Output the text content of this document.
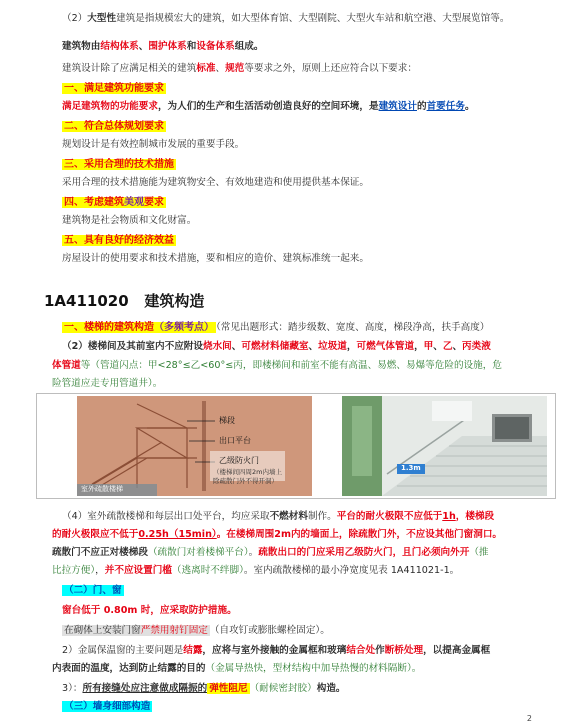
（2）大型性建筑是指规模宏大的建筑，如大型体育馆、大型剧院、大型火车站和航空港、大型展览馆等。
建筑物由结构体系、围护体系和设备体系组成。
建筑设计除了应满足相关的建筑标准、规范等要求之外，原则上还应符合以下要求：
一、满足建筑功能要求
满足建筑物的功能要求，为人们的生产和生活活动创造良好的空间环境，是建筑设计的首要任务。
二、符合总体规划要求
规划设计是有效控制城市发展的重要手段。
三、采用合理的技术措施
采用合理的技术措施能为建筑物安全、有效地建造和使用提供基本保证。
四、考虑建筑美观要求
建筑物是社会物质和文化财富。
五、具有良好的经济效益
房屋设计的使用要求和技术措施，要和相应的造价、建筑标准统一起来。
1A411020 建筑构造
一、楼梯的建筑构造（多频考点） （常见出题形式：踏步级数、宽度、高度，梯段净高，扶手高度）
（2）楼梯间及其前室内不应附设烧水间、可燃材料储藏室、垃圾道，可燃气体管道，甲、乙、丙类液
体管道等（管道闪点：甲<28°≤乙<60°≤丙，即楼梯间和前室不能有高温、易燃、易爆等危险的设施，危
险管道应走专用管道井）。
梯段
出口平台
乙级防火门
（楼梯间四周2m内墙上
除疏散门外不得开洞）
室外疏散楼梯
1.3m
（4）室外疏散楼梯和每层出口处平台，均应采取不燃材料制作。平台的耐火极限不应低于1h，楼梯段
的耐火极限应不低于0.25h（15min）。在楼梯周围2m内的墙面上，除疏散门外，不应设其他门窗洞口。
疏散门不应正对楼梯段（疏散门对着楼梯平台）。疏散出口的门应采用乙级防火门，且门必须向外开（推
比拉方便），并不应设置门槛（逃离时不绊脚）。室内疏散楼梯的最小净宽度见表 1A411021-1。
（二）门、窗
窗台低于 0.80m 时，应采取防护措施。
在砌体上安装门窗严禁用射钉固定 （自攻钉或膨胀螺栓固定）。
2）金属保温窗的主要问题是结露，应将与室外接触的金属框和玻璃结合处作断桥处理，以提高金属框
内表面的温度，达到防止结露的目的（金属导热快，型材结构中加导热慢的材料隔断）。
3）：所有接缝处应注意做成隔振的 弹性阻尼 （耐候密封胶）构造。
（三）墙身细部构造
2
